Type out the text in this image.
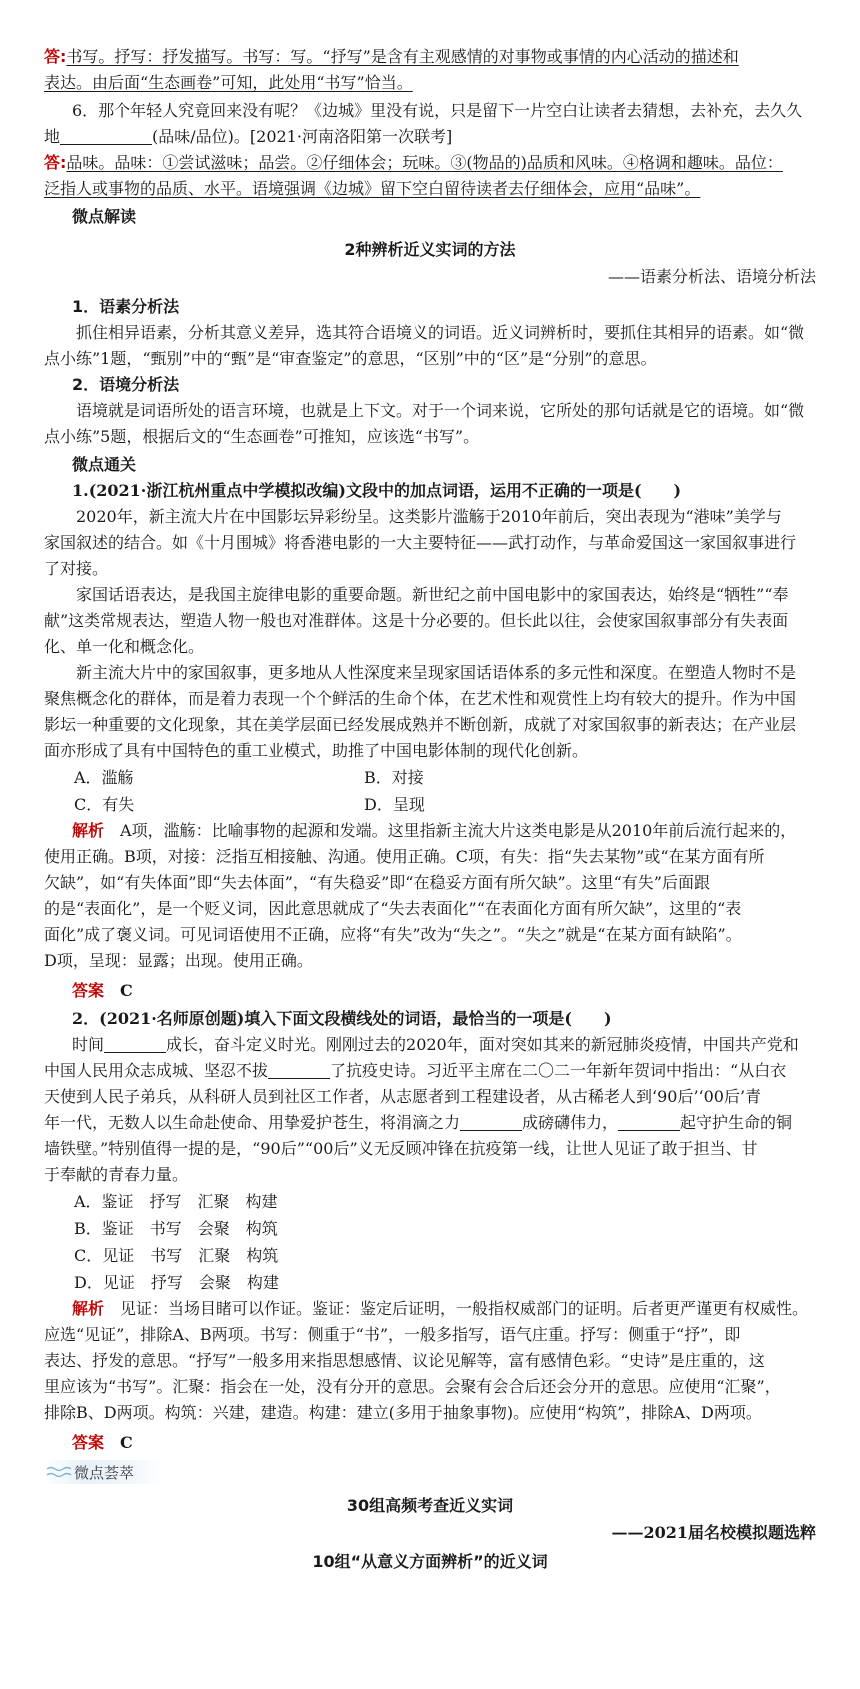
答:书写。抒写：抒发描写。书写：写。“抒写”是含有主观感情的对事物或事情的内心活动的描述和

表达。由后面“生态画卷”可知，此处用“书写”恰当。

6．那个年轻人究竟回来没有呢？《边城》里没有说，只是留下一片空白让读者去猜想，去补充，去久久

地	(品味/品位)。[2021·河南洛阳第一次联考]

答:品味。品味：①尝试滋味；品尝。②仔细体会；玩味。③(物品的)品质和风味。④格调和趣味。品位：

泛指人或事物的品质、水平。语境强调《边城》留下空白留待读者去仔细体会，应用“品味”。

微点解读

2种辨析近义实词的方法

——语素分析法、语境分析法

1．语素分析法

抓住相异语素，分析其意义差异，选其符合语境义的词语。近义词辨析时，要抓住其相异的语素。如“微

点小练”1题，“甄别”中的“甄”是“审查鉴定”的意思，“区别”中的“区”是“分别”的意思。

2．语境分析法

语境就是词语所处的语言环境，也就是上下文。对于一个词来说，它所处的那句话就是它的语境。如“微

点小练”5题，根据后文的“生态画卷”可推知，应该选“书写”。

微点通关

1.(2021·浙江杭州重点中学模拟改编)文段中的加点词语，运用不正确的一项是(　　)

2020年，新主流大片在中国影坛异彩纷呈。这类影片滥觞于2010年前后，突出表现为“港味”美学与

家国叙述的结合。如《十月围城》将香港电影的一大主要特征——武打动作，与革命爱国这一家国叙事进行

了对接。

家国话语表达，是我国主旋律电影的重要命题。新世纪之前中国电影中的家国表达，始终是“牺牲”“奉

献”这类常规表达，塑造人物一般也对准群体。这是十分必要的。但长此以往，会使家国叙事部分有失表面

化、单一化和概念化。

新主流大片中的家国叙事，更多地从人性深度来呈现家国话语体系的多元性和深度。在塑造人物时不是

聚焦概念化的群体，而是着力表现一个个鲜活的生命个体，在艺术性和观赏性上均有较大的提升。作为中国

影坛一种重要的文化现象，其在美学层面已经发展成熟并不断创新，成就了对家国叙事的新表达；在产业层

面亦形成了具有中国特色的重工业模式，助推了中国电影体制的现代化创新。

A．滥觞	B．对接
C．有失	D．呈现

解析　 A项，滥觞：比喻事物的起源和发端。这里指新主流大片这类电影是从2010年前后流行起来的，

使用正确。B项，对接：泛指互相接触、沟通。使用正确。C项，有失：指“失去某物”或“在某方面有所

欠缺”，如“有失体面”即“失去体面”，“有失稳妥”即“在稳妥方面有所欠缺”。这里“有失”后面跟

的是“表面化”，是一个贬义词，因此意思就成了“失去表面化”“在表面化方面有所欠缺”，这里的“表

面化”成了褒义词。可见词语使用不正确，应将“有失”改为“失之”。“失之”就是“在某方面有缺陷”。

D项，呈现：显露；出现。使用正确。

答案　 C

2．(2021·名师原创题)填入下面文段横线处的词语，最恰当的一项是(　　)

时间	成长，奋斗定义时光。刚刚过去的2020年，面对突如其来的新冠肺炎疫情，中国共产党和

中国人民用众志成城、坚忍不拔	了抗疫史诗。习近平主席在二〇二一年新年贺词中指出：“从白衣

天使到人民子弟兵，从科研人员到社区工作者，从志愿者到工程建设者，从古稀老人到‘90后’‘00后’青

年一代，无数人以生命赴使命、用挚爱护苍生，将涓滴之力	成磅礴伟力，	起守护生命的铜

墙铁壁。”特别值得一提的是，“90后”“00后”义无反顾冲锋在抗疫第一线，让世人见证了敢于担当、甘

于奉献的青春力量。

A．鉴证　抒写　汇聚　构建

B．鉴证　书写　会聚　构筑

C．见证　书写　汇聚　构筑

D．见证　抒写　会聚　构建

解析　 见证：当场目睹可以作证。鉴证：鉴定后证明，一般指权威部门的证明。后者更严谨更有权威性。

应选“见证”，排除A、B两项。书写：侧重于“书”，一般多指写，语气庄重。抒写：侧重于“抒”，即

表达、抒发的意思。“抒写”一般多用来指思想感情、议论见解等，富有感情色彩。“史诗”是庄重的，这

里应该为“书写”。汇聚：指会在一处，没有分开的意思。会聚有会合后还会分开的意思。应使用“汇聚”，

排除B、D两项。构筑：兴建，建造。构建：建立(多用于抽象事物)。应使用“构筑”，排除A、D两项。

答案　 C

微点荟萃

30组高频考查近义实词

——2021届名校模拟题选粹

10组“从意义方面辨析”的近义词
